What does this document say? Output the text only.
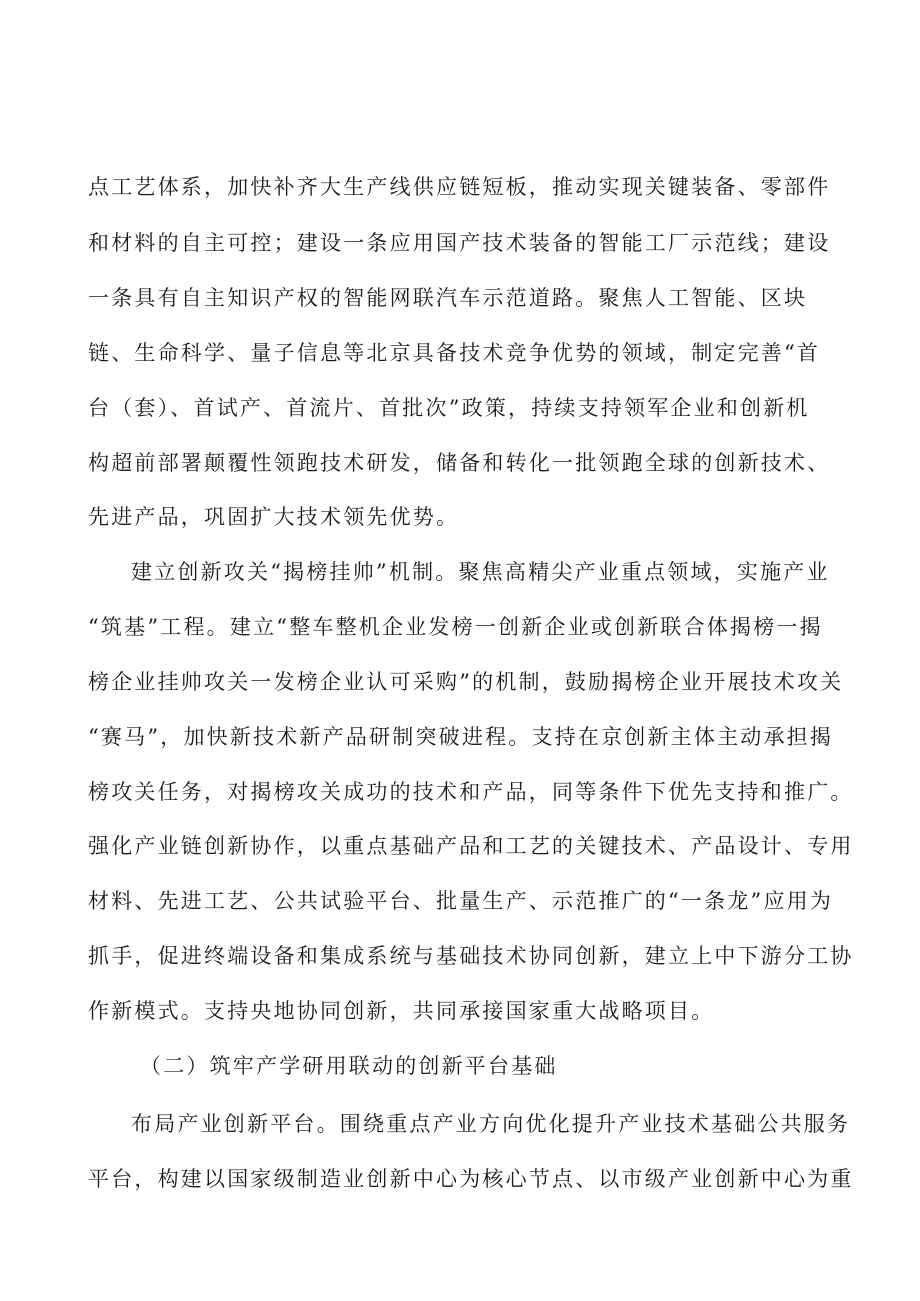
点工艺体系，加快补齐大生产线供应链短板，推动实现关键装备、零部件
和材料的自主可控；建设一条应用国产技术装备的智能工厂示范线；建设
一条具有自主知识产权的智能网联汽车示范道路。聚焦人工智能、区块
链、生命科学、量子信息等北京具备技术竞争优势的领域，制定完善“首
台（套）、首试产、首流片、首批次”政策，持续支持领军企业和创新机
构超前部署颠覆性领跑技术研发，储备和转化一批领跑全球的创新技术、
先进产品，巩固扩大技术领先优势。
建立创新攻关“揭榜挂帅”机制。聚焦高精尖产业重点领域，实施产业
“筑基”工程。建立“整车整机企业发榜一创新企业或创新联合体揭榜一揭
榜企业挂帅攻关一发榜企业认可采购”的机制，鼓励揭榜企业开展技术攻关
“赛马”，加快新技术新产品研制突破进程。支持在京创新主体主动承担揭
榜攻关任务，对揭榜攻关成功的技术和产品，同等条件下优先支持和推广。
强化产业链创新协作，以重点基础产品和工艺的关键技术、产品设计、专用
材料、先进工艺、公共试验平台、批量生产、示范推广的“一条龙”应用为
抓手，促进终端设备和集成系统与基础技术协同创新，建立上中下游分工协
作新模式。支持央地协同创新，共同承接国家重大战略项目。
（二）筑牢产学研用联动的创新平台基础
布局产业创新平台。围绕重点产业方向优化提升产业技术基础公共服务
平台，构建以国家级制造业创新中心为核心节点、以市级产业创新中心为重
